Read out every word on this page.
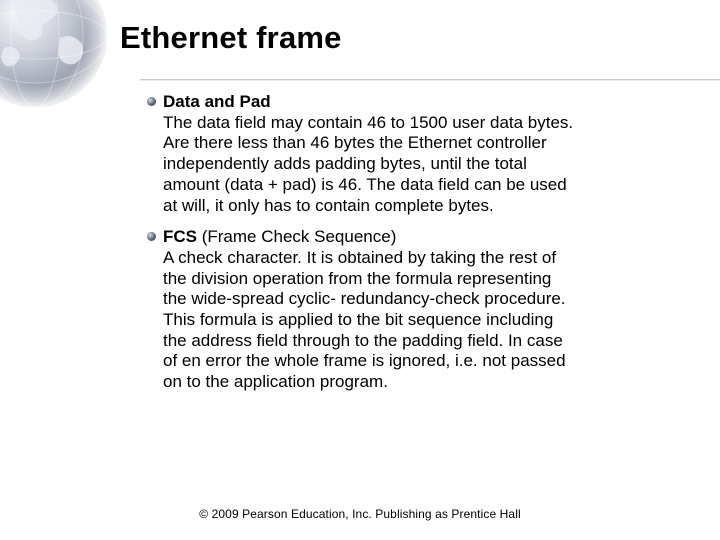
Ethernet frame
Data and Pad
The data field may contain 46 to 1500 user data bytes.
Are there less than 46 bytes the Ethernet controller
independently adds padding bytes, until the total
amount (data + pad) is 46. The data field can be used
at will, it only has to contain complete bytes.
FCS (Frame Check Sequence)
A check character. It is obtained by taking the rest of
the division operation from the formula representing
the wide-spread cyclic- redundancy-check procedure.
This formula is applied to the bit sequence including
the address field through to the padding field. In case
of en error the whole frame is ignored, i.e. not passed
on to the application program.
© 2009 Pearson Education, Inc. Publishing as Prentice Hall
